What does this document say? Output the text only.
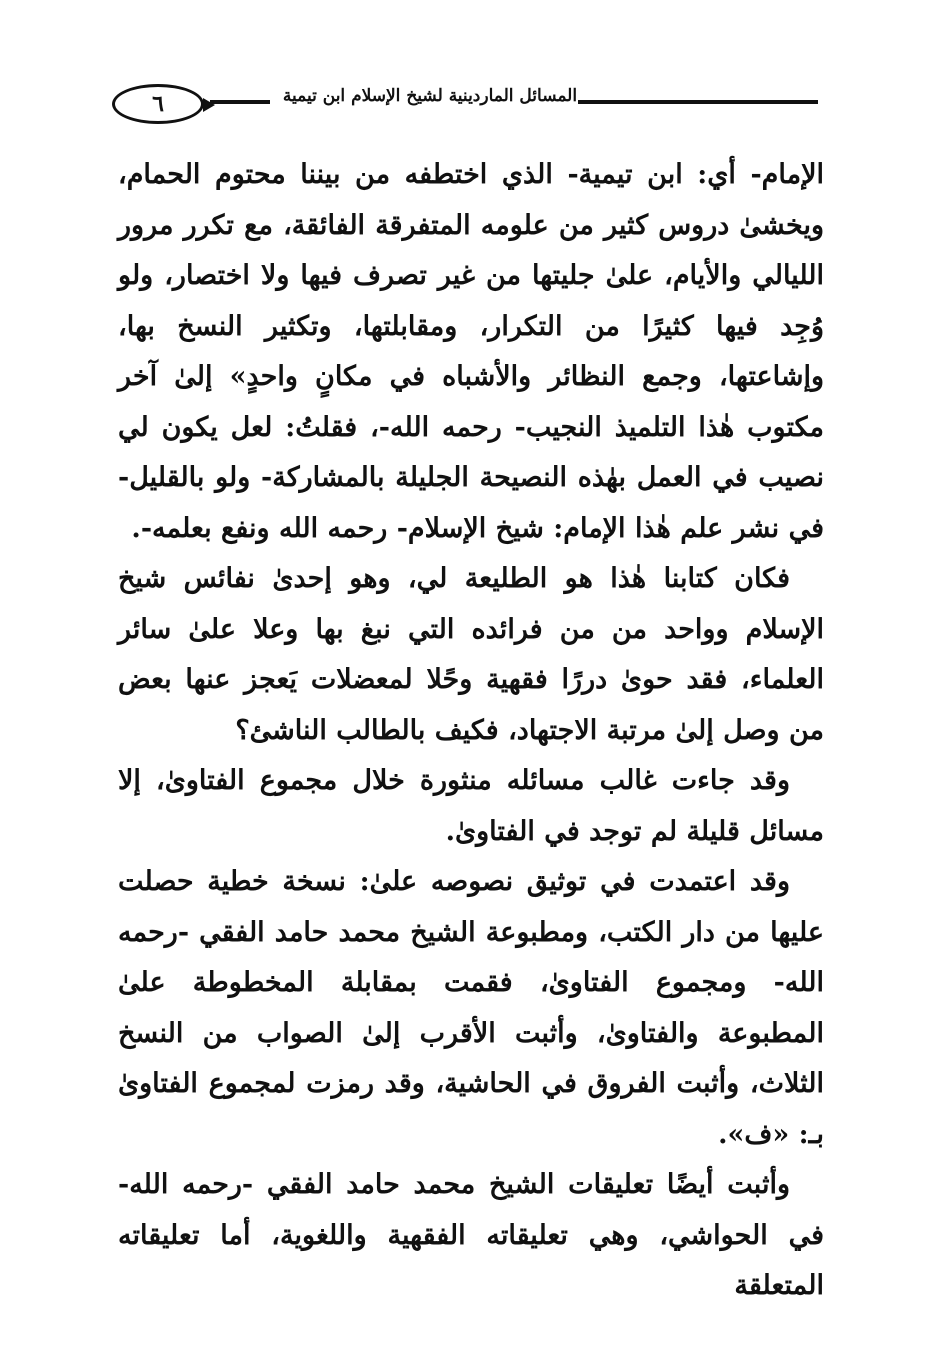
٦	المسائل الماردينية لشيخ الإسلام ابن تيمية

الإمام- أي: ابن تيمية- الذي اختطفه من بيننا محتوم الحمام، ويخشىٰ دروس كثير من علومه المتفرقة الفائقة، مع تكرر مرور الليالي والأيام، علىٰ جليتها من غير تصرف فيها ولا اختصار، ولو وُجِد فيها كثيرًا من التكرار، ومقابلتها، وتكثير النسخ بها، وإشاعتها، وجمع النظائر والأشباه في مكانٍ واحدٍ» إلىٰ آخر مكتوب هٰذا التلميذ النجيب- رحمه الله-، فقلتُ: لعل يكون لي نصيب في العمل بهٰذه النصيحة الجليلة بالمشاركة- ولو بالقليل- في نشر علم هٰذا الإمام: شيخ الإسلام- رحمه الله ونفع بعلمه-.

فكان كتابنا هٰذا هو الطليعة لي، وهو إحدىٰ نفائس شيخ الإسلام وواحد من من فرائده التي نبغ بها وعلا علىٰ سائر العلماء، فقد حوىٰ دررًا فقهية وحًلا لمعضلات يَعجز عنها بعض من وصل إلىٰ مرتبة الاجتهاد، فكيف بالطالب الناشئ؟

وقد جاءت غالب مسائله منثورة خلال مجموع الفتاوىٰ، إلا مسائل قليلة لم توجد في الفتاوىٰ.

وقد اعتمدت في توثيق نصوصه علىٰ: نسخة خطية حصلت عليها من دار الكتب، ومطبوعة الشيخ محمد حامد الفقي -رحمه الله- ومجموع الفتاوىٰ، فقمت بمقابلة المخطوطة علىٰ المطبوعة والفتاوىٰ، وأثبت الأقرب إلىٰ الصواب من النسخ الثلاث، وأثبت الفروق في الحاشية، وقد رمزت لمجموع الفتاوىٰ بـ: «ف».

وأثبت أيضًا تعليقات الشيخ محمد حامد الفقي -رحمه الله- في الحواشي، وهي تعليقاته الفقهية واللغوية، أما تعليقاته المتعلقة
